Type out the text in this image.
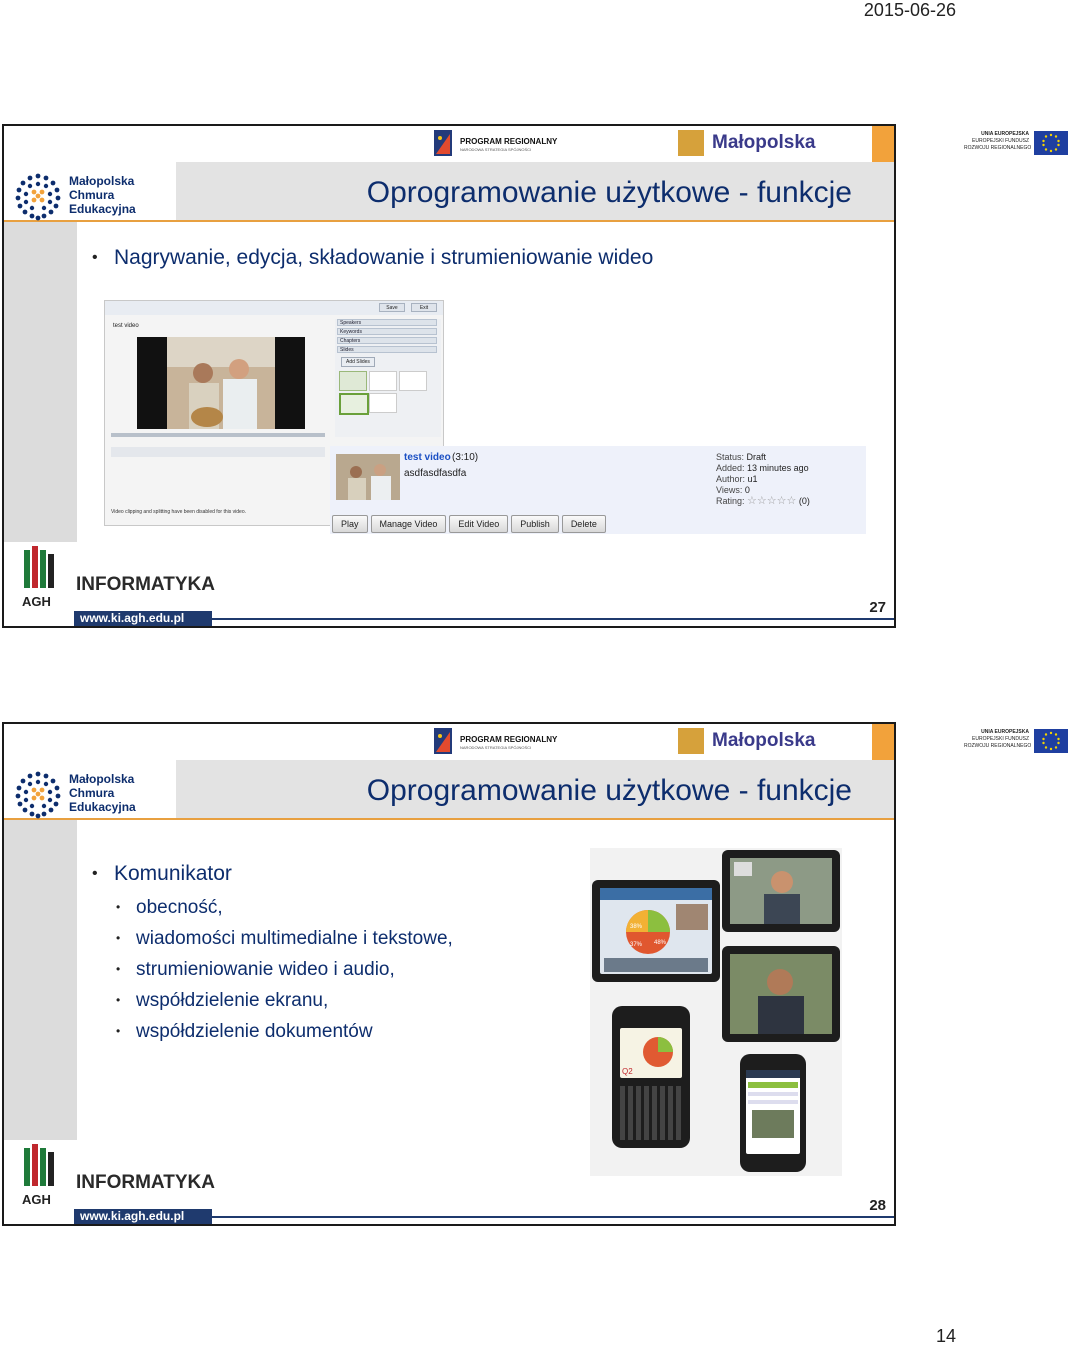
2015-06-26
PROGRAM REGIONALNY
NARODOWA STRATEGIA SPÓJNOŚCI	Małopolska	UNIA EUROPEJSKA
EUROPEJSKI FUNDUSZ
ROZWOJU REGIONALNEGO
Małopolska
Chmura
Edukacyjna	Oprogramowanie użytkowe - funkcje
• Nagrywanie, edycja, składowanie i strumieniowanie wideo
Save	Exit
test video	Speakers
Keywords
Chapters
Slides
Add Slides
Video clipping and splitting have been disabled for this video.
test video (3:10)
asdfasdfasdfa
Status: Draft
Added: 13 minutes ago
Author: u1
Views: 0
Rating: ☆☆☆☆☆ (0)
Play Manage Video Edit Video Publish Delete
AGH
INFORMATYKA
www.ki.agh.edu.pl
27
PROGRAM REGIONALNY
NARODOWA STRATEGIA SPÓJNOŚCI	Małopolska	UNIA EUROPEJSKA
EUROPEJSKI FUNDUSZ
ROZWOJU REGIONALNEGO
Małopolska
Chmura
Edukacyjna	Oprogramowanie użytkowe - funkcje
• Komunikator
• obecność,
• wiadomości multimedialne i tekstowe,
• strumieniowanie wideo i audio,
• współdzielenie ekranu,
• współdzielenie dokumentów
38%
37% 48%
Q2
AGH
INFORMATYKA
www.ki.agh.edu.pl
28
14
